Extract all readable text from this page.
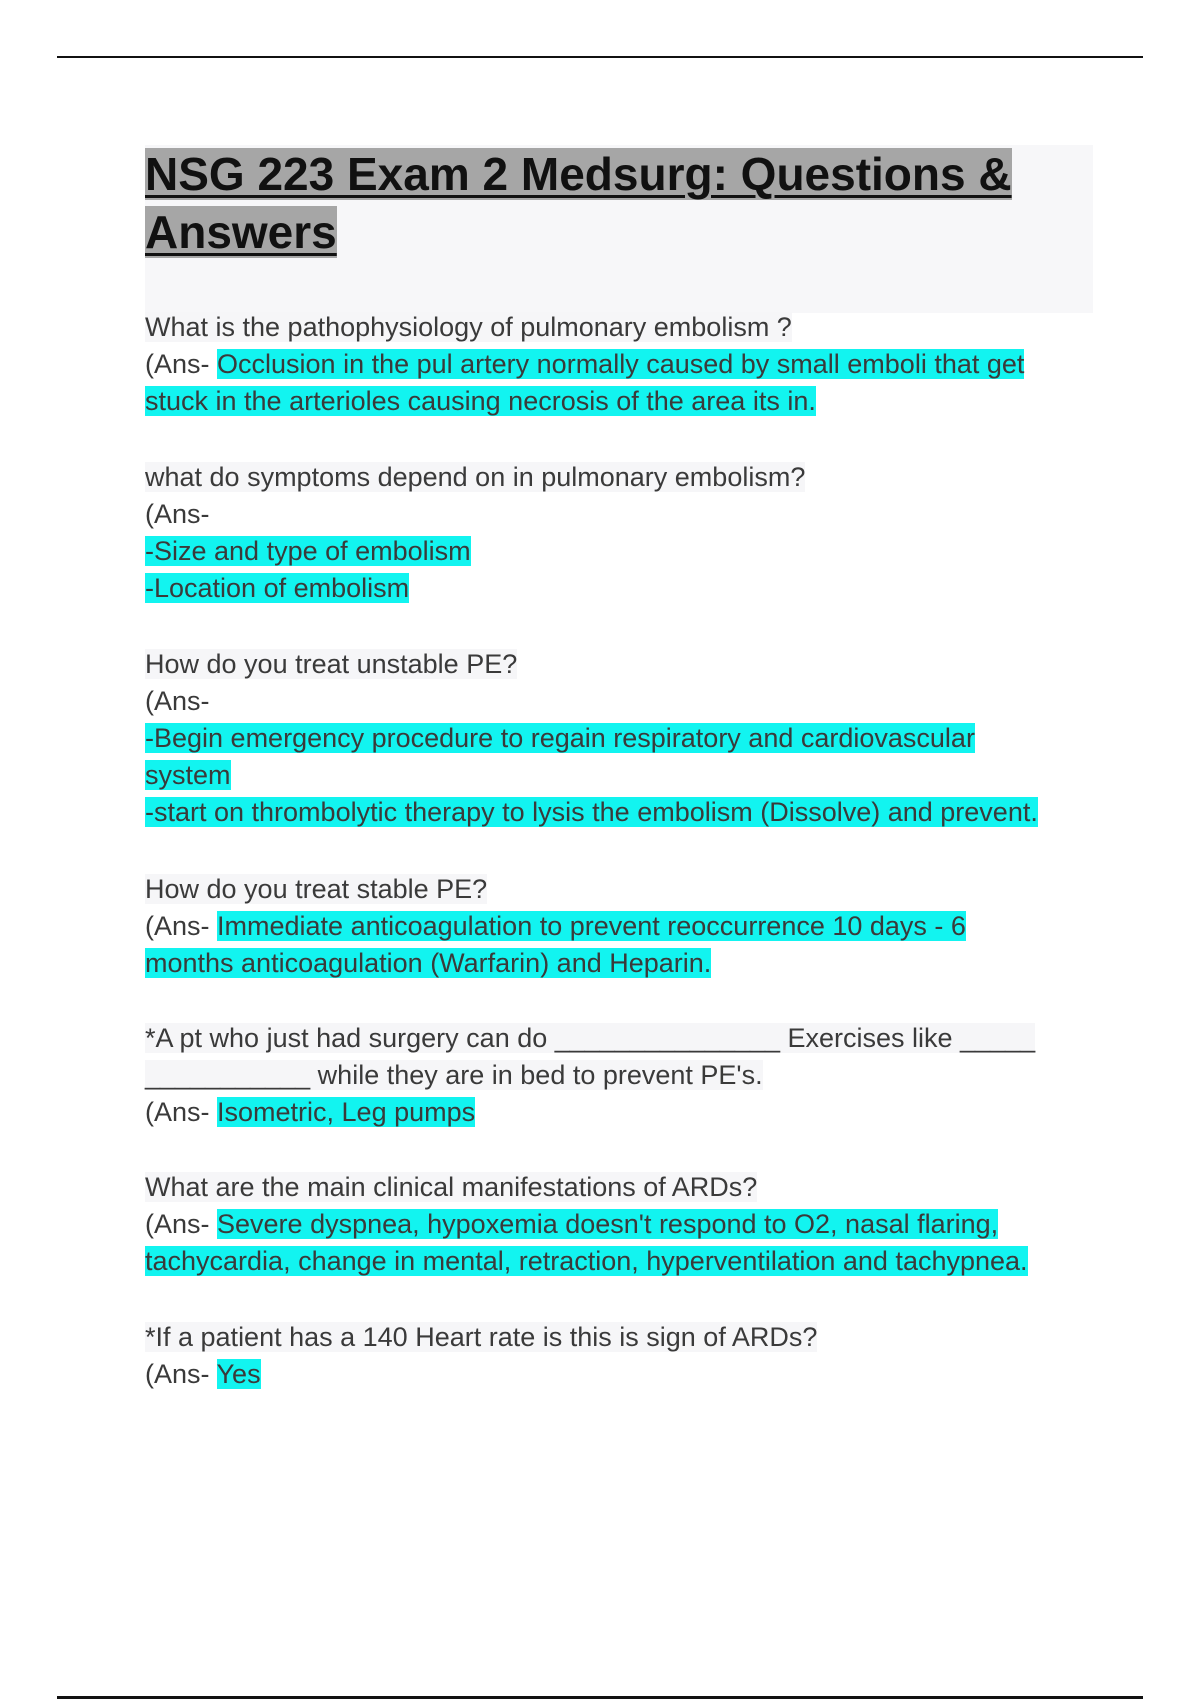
NSG 223 Exam 2 Medsurg: Questions & Answers

What is the pathophysiology of pulmonary embolism ?

(Ans- Occlusion in the pul artery normally caused by small emboli that get stuck in the arterioles causing necrosis of the area its in.

what do symptoms depend on in pulmonary embolism?

(Ans-

-Size and type of embolism

-Location of embolism

How do you treat unstable PE?

(Ans-

-Begin emergency procedure to regain respiratory and cardiovascular system

-start on thrombolytic therapy to lysis the embolism (Dissolve) and prevent.

How do you treat stable PE?

(Ans- Immediate anticoagulation to prevent reoccurrence 10 days - 6 months anticoagulation (Warfarin) and Heparin.

*A pt who just had surgery can do _______________ Exercises like _____ ___________ while they are in bed to prevent PE's.

(Ans- Isometric, Leg pumps

What are the main clinical manifestations of ARDs?

(Ans- Severe dyspnea, hypoxemia doesn't respond to O2, nasal flaring, tachycardia, change in mental, retraction, hyperventilation and tachypnea.

*If a patient has a 140 Heart rate is this is sign of ARDs?

(Ans- Yes
